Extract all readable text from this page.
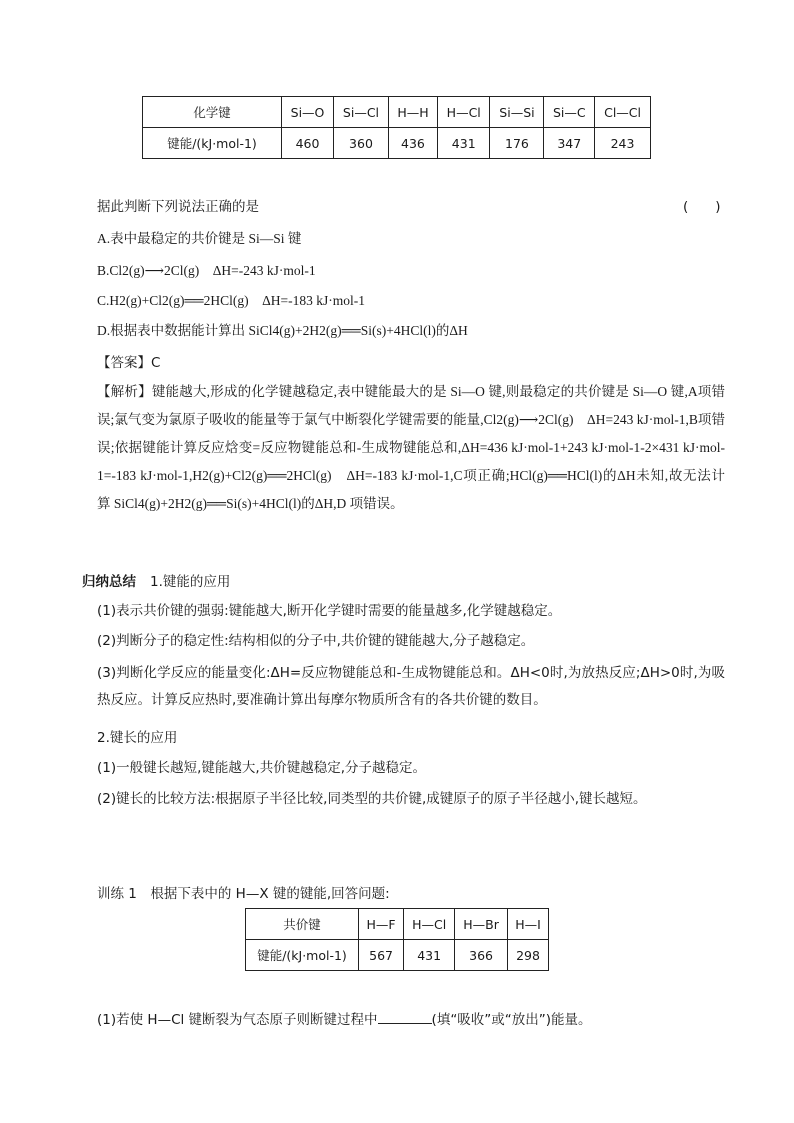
化学键	Si—O	Si—Cl	H—H	H—Cl	Si—Si	Si—C	Cl—Cl
键能/(kJ·mol-1)	460	360	436	431	176	347	243
据此判断下列说法正确的是	(　　)
A.表中最稳定的共价键是 Si—Si 键
B.Cl2(g)⟶2Cl(g)　ΔH=-243 kJ·mol-1
C.H2(g)+Cl2(g)══2HCl(g)　ΔH=-183 kJ·mol-1
D.根据表中数据能计算出 SiCl4(g)+2H2(g)══Si(s)+4HCl(l)的ΔH
【答案】C
【解析】键能越大,形成的化学键越稳定,表中键能最大的是 Si—O 键,则最稳定的共价键是 Si—O 键,A项错误;氯气变为氯原子吸收的能量等于氯气中断裂化学键需要的能量,Cl2(g)⟶2Cl(g)　ΔH=243 kJ·mol-1,B项错误;依据键能计算反应焓变=反应物键能总和-生成物键能总和,ΔH=436 kJ·mol-1+243 kJ·mol-1-2×431 kJ·mol-1=-183 kJ·mol-1,H2(g)+Cl2(g)══2HCl(g)　ΔH=-183 kJ·mol-1,C项正确;HCl(g)══HCl(l)的ΔH未知,故无法计算 SiCl4(g)+2H2(g)══Si(s)+4HCl(l)的ΔH,D 项错误。
归纳总结 1.键能的应用
(1)表示共价键的强弱:键能越大,断开化学键时需要的能量越多,化学键越稳定。
(2)判断分子的稳定性:结构相似的分子中,共价键的键能越大,分子越稳定。
(3)判断化学反应的能量变化:ΔH=反应物键能总和-生成物键能总和。ΔH<0时,为放热反应;ΔH>0时,为吸热反应。计算反应热时,要准确计算出每摩尔物质所含有的各共价键的数目。
2.键长的应用
(1)一般键长越短,键能越大,共价键越稳定,分子越稳定。
(2)键长的比较方法:根据原子半径比较,同类型的共价键,成键原子的原子半径越小,键长越短。
训练 1　根据下表中的 H—X 键的键能,回答问题:
共价键	H—F	H—Cl	H—Br	H—I
键能/(kJ·mol-1)	567	431	366	298
(1)若使 H—Cl 键断裂为气态原子则断键过程中	(填“吸收”或“放出”)能量。
